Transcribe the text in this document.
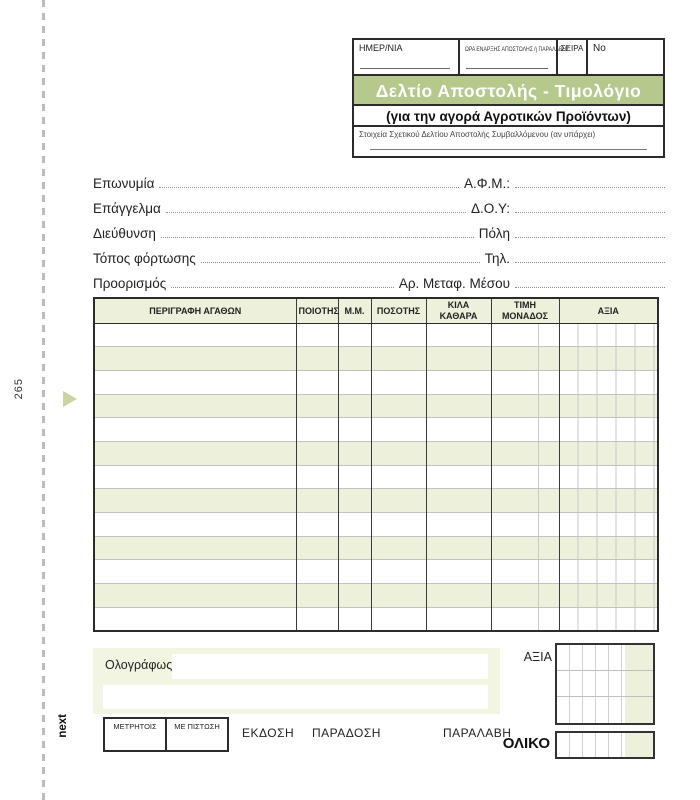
265
ΗΜΕΡ/ΝΙΑ	ΩΡΑ ΕΝΑΡΞΗΣ ΑΠΟΣΤΟΛΗΣ ή ΠΑΡΑΛΑΒΗΣ
ΣΕΙΡΑ No
Δελτίο Αποστολής - Τιμολόγιο
(για την αγορά Αγροτικών Προϊόντων)
Στοιχεία Σχετικού Δελτίου Αποστολής Συμβαλλόμενου (αν υπάρχει)
Επωνυμία	Α.Φ.Μ.:
Επάγγελμα	Δ.Ο.Υ:
Διεύθυνση	Πόλη
Τόπος φόρτωσης	Τηλ.
Προορισμός	Αρ. Μεταφ. Μέσου
ΠΕΡΙΓΡΑΦΗ ΑΓΑΘΩΝ	ΠΟΙΟΤΗΣ	Μ.Μ.	ΠΟΣΟΤΗΣ	ΚΙΛΑ ΚΑΘΑΡΑ	ΤΙΜΗ ΜΟΝΑΔΟΣ	ΑΞΙΑ

Ολογράφως
ΑΞΙΑ
ΟΛΙΚΟ
ΜΕΤΡΗΤΟΙΣ	ΜΕ ΠΙΣΤΩΣΗ	ΕΚΔΟΣΗ ΠΑΡΑΔΟΣΗ	ΠΑΡΑΛΑΒΗ
next
